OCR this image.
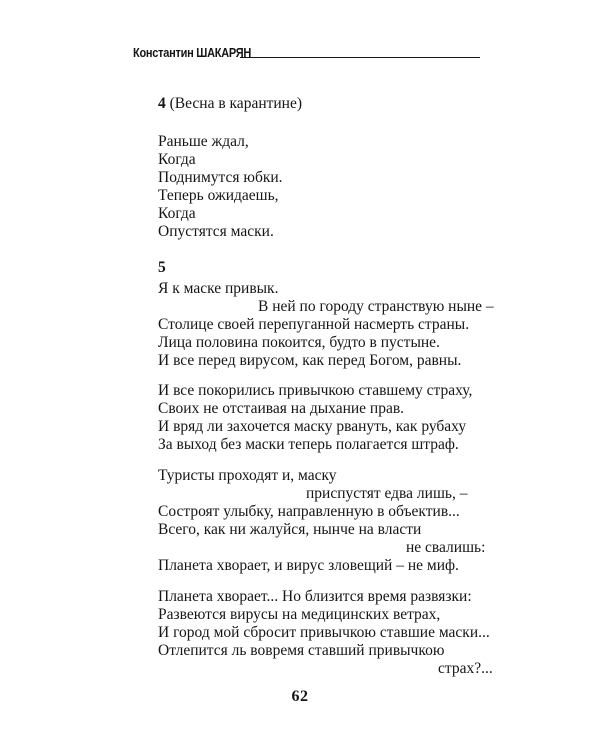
Константин ШАКАРЯН
4 (Весна в карантине)
Раньше ждал,
Когда
Поднимутся юбки.
Теперь ожидаешь,
Когда
Опустятся маски.
5
Я к маске привык.
В ней по городу странствую ныне –
Столице своей перепуганной насмерть страны.
Лица половина покоится, будто в пустыне.
И все перед вирусом, как перед Богом, равны.
И все покорились привычкою ставшему страху,
Своих не отстаивая на дыхание прав.
И вряд ли захочется маску рвануть, как рубаху
За выход без маски теперь полагается штраф.
Туристы проходят и, маску
приспустят едва лишь, –
Состроят улыбку, направленную в объектив...
Всего, как ни жалуйся, нынче на власти
не свалишь:
Планета хворает, и вирус зловещий – не миф.
Планета хворает... Но близится время развязки:
Развеются вирусы на медицинских ветрах,
И город мой сбросит привычкою ставшие маски...
Отлепится ль вовремя ставший привычкою
страх?...
62
